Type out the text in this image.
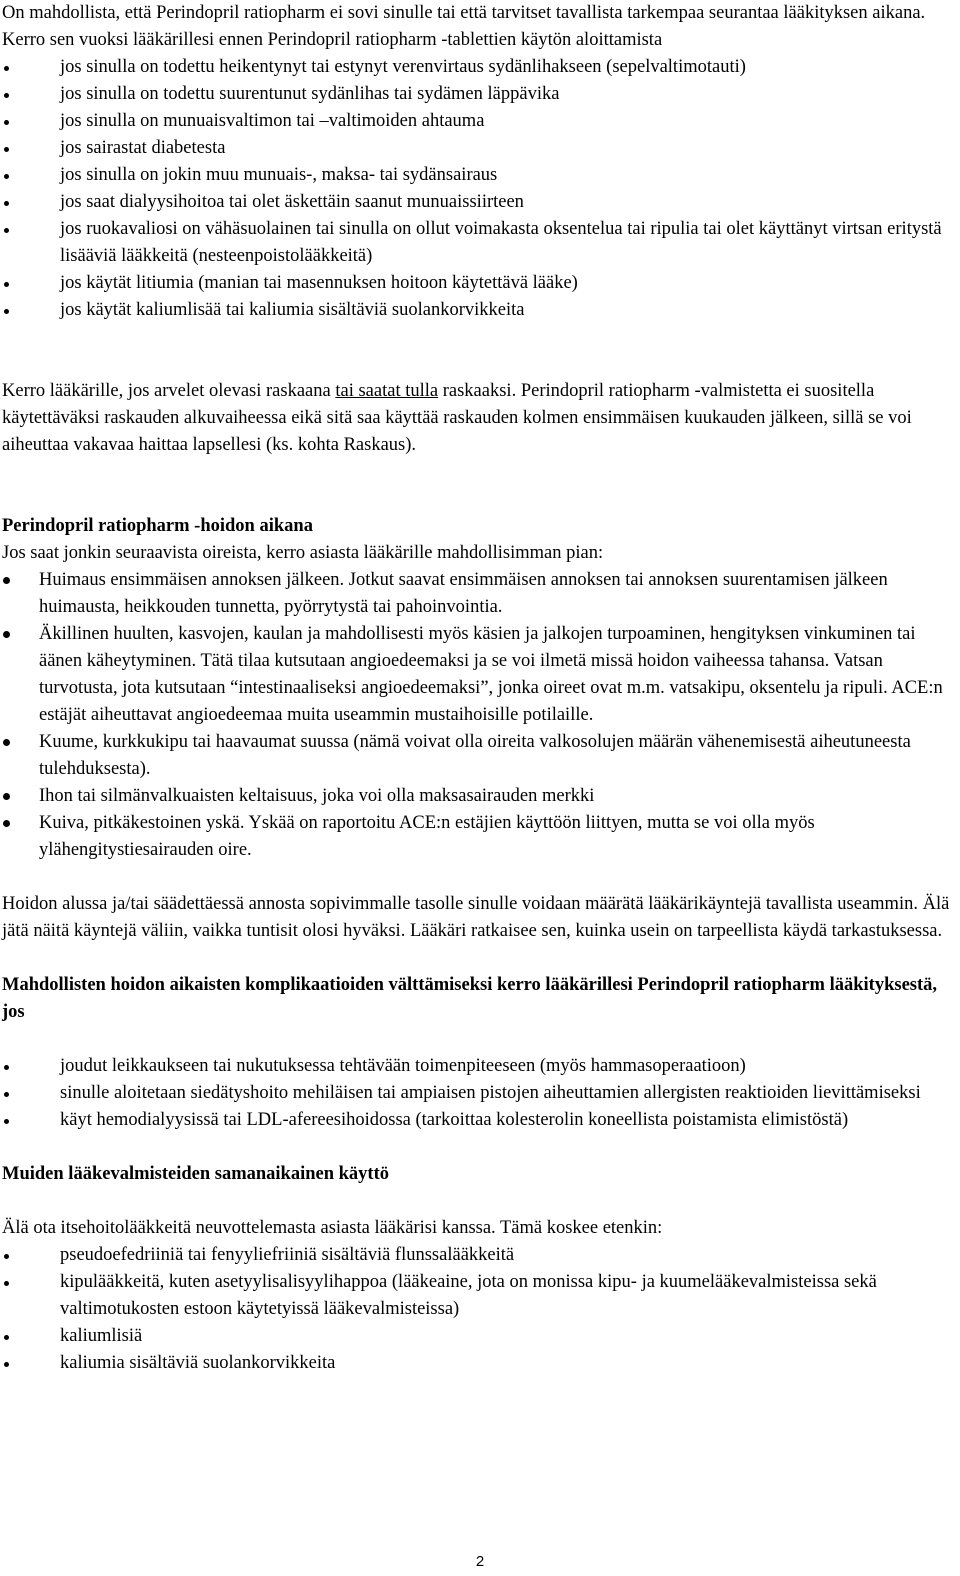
On mahdollista, että Perindopril ratiopharm ei sovi sinulle tai että tarvitset tavallista tarkempaa seurantaa lääkityksen aikana. Kerro sen vuoksi lääkärillesi ennen Perindopril ratiopharm -tablettien käytön aloittamista

jos sinulla on todettu heikentynyt tai estynyt verenvirtaus sydänlihakseen (sepelvaltimotauti)
jos sinulla on todettu suurentunut sydänlihas tai sydämen läppävika
jos sinulla on munuaisvaltimon tai –valtimoiden ahtauma
jos sairastat diabetesta
jos sinulla on jokin muu munuais-, maksa- tai sydänsairaus
jos saat dialyysihoitoa tai olet äskettäin saanut munuaissiirteen
jos ruokavaliosi on vähäsuolainen tai sinulla on ollut voimakasta oksentelua tai ripulia tai olet käyttänyt virtsan eritystä lisääviä lääkkeitä (nesteenpoistolääkkeitä)
jos käytät litiumia (manian tai masennuksen hoitoon käytettävä lääke)
jos käytät kaliumlisää tai kaliumia sisältäviä suolankorvikkeita

Kerro lääkärille, jos arvelet olevasi raskaana tai saatat tulla raskaaksi. Perindopril ratiopharm -valmistetta ei suositella käytettäväksi raskauden alkuvaiheessa eikä sitä saa käyttää raskauden kolmen ensimmäisen kuukauden jälkeen, sillä se voi aiheuttaa vakavaa haittaa lapsellesi (ks. kohta Raskaus).

Perindopril ratiopharm -hoidon aikana

Jos saat jonkin seuraavista oireista, kerro asiasta lääkärille mahdollisimman pian:

Huimaus ensimmäisen annoksen jälkeen. Jotkut saavat ensimmäisen annoksen tai annoksen suurentamisen jälkeen huimausta, heikkouden tunnetta, pyörrytystä tai pahoinvointia.
Äkillinen huulten, kasvojen, kaulan ja mahdollisesti myös käsien ja jalkojen turpoaminen, hengityksen vinkuminen tai äänen käheytyminen. Tätä tilaa kutsutaan angioedeemaksi ja se voi ilmetä missä hoidon vaiheessa tahansa. Vatsan turvotusta, jota kutsutaan “intestinaaliseksi angioedeemaksi”, jonka oireet ovat m.m. vatsakipu, oksentelu ja ripuli. ACE:n estäjät aiheuttavat angioedeemaa muita useammin mustaihoisille potilaille.
Kuume, kurkkukipu tai haavaumat suussa (nämä voivat olla oireita valkosolujen määrän vähenemisestä aiheutuneesta tulehduksesta).
Ihon tai silmänvalkuaisten keltaisuus, joka voi olla maksasairauden merkki
Kuiva, pitkäkestoinen yskä. Yskää on raportoitu ACE:n estäjien käyttöön liittyen, mutta se voi olla myös ylähengitystiesairauden oire.

Hoidon alussa ja/tai säädettäessä annosta sopivimmalle tasolle sinulle voidaan määrätä lääkärikäyntejä tavallista useammin. Älä jätä näitä käyntejä väliin, vaikka tuntisit olosi hyväksi. Lääkäri ratkaisee sen, kuinka usein on tarpeellista käydä tarkastuksessa.

Mahdollisten hoidon aikaisten komplikaatioiden välttämiseksi kerro lääkärillesi Perindopril ratiopharm lääkityksestä, jos
joudut leikkaukseen tai nukutuksessa tehtävään toimenpiteeseen (myös hammasoperaatioon)
sinulle aloitetaan siedätyshoito mehiläisen tai ampiaisen pistojen aiheuttamien allergisten reaktioiden lievittämiseksi
käyt hemodialyysissä tai LDL-afereesihoidossa (tarkoittaa kolesterolin koneellista poistamista elimistöstä)
Muiden lääkevalmisteiden samanaikainen käyttö

Älä ota itsehoitolääkkeitä neuvottelemasta asiasta lääkärisi kanssa. Tämä koskee etenkin:

pseudoefedriiniä tai fenyyliefriiniä sisältäviä flunssalääkkeitä
kipulääkkeitä, kuten asetyylisalisyylihappoa (lääkeaine, jota on monissa kipu- ja kuumelääkevalmisteissa sekä valtimotukosten estoon käytetyissä lääkevalmisteissa)
kaliumlisiä
kaliumia sisältäviä suolankorvikkeita
2
